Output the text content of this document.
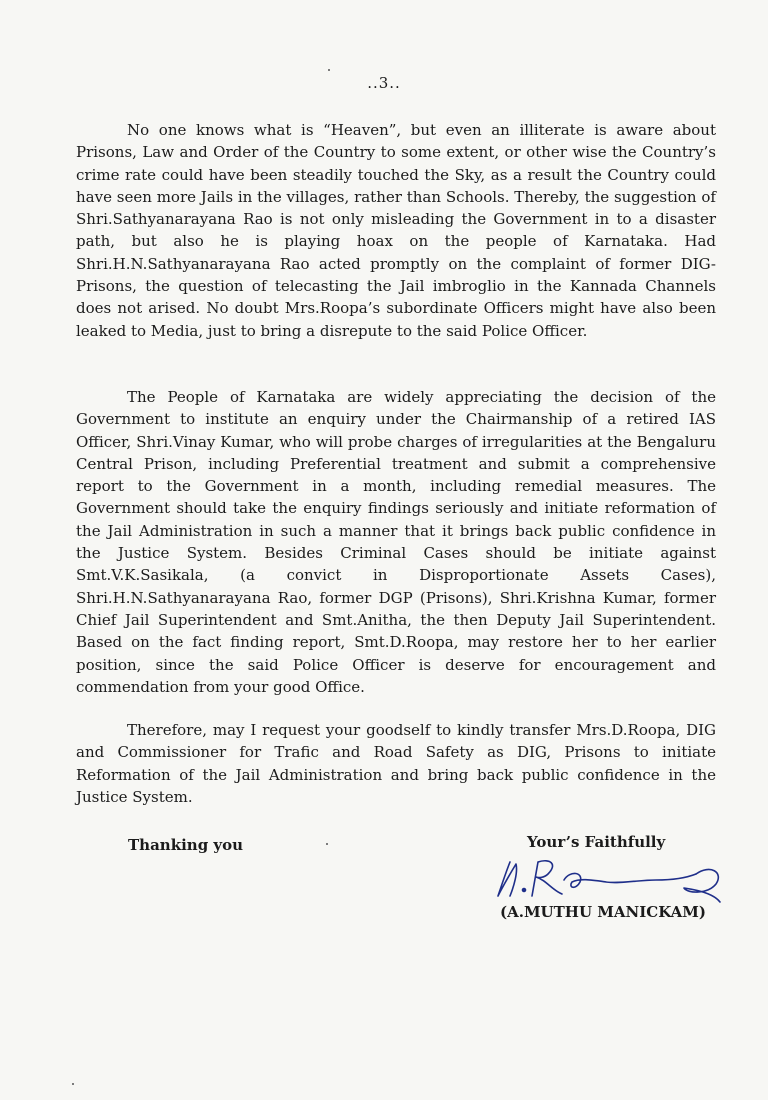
..3..

No one knows what is “Heaven”, but even an illiterate is aware about Prisons, Law and Order of the Country to some extent, or other wise the Country’s crime rate could have been steadily touched the Sky, as a result the Country could have seen more Jails in the villages, rather than Schools. Thereby, the suggestion of Shri.Sathyanarayana Rao is not only misleading the Government in to a disaster path, but also he is playing hoax on the people of Karnataka. Had Shri.H.N.Sathyanarayana Rao acted promptly on the complaint of former DIG-Prisons, the question of telecasting the Jail imbroglio in the Kannada Channels does not arised. No doubt Mrs.Roopa’s subordinate Officers might have also been leaked to Media, just to bring a disrepute to the said Police Officer.

The People of Karnataka are widely appreciating the decision of the Government to institute an enquiry under the Chairmanship of a retired IAS Officer, Shri.Vinay Kumar, who will probe charges of irregularities at the Bengaluru Central Prison, including Preferential treatment and submit a comprehensive report to the Government in a month, including remedial measures. The Government should take the enquiry findings seriously and initiate reformation of the Jail Administration in such a manner that it brings back public confidence in the Justice System. Besides Criminal Cases should be initiate against Smt.V.K.Sasikala, (a convict in Disproportionate Assets Cases), Shri.H.N.Sathyanarayana Rao, former DGP (Prisons), Shri.Krishna Kumar, former Chief Jail Superintendent and Smt.Anitha, the then Deputy Jail Superintendent. Based on the fact finding report, Smt.D.Roopa, may restore her to her earlier position, since the said Police Officer is deserve for encouragement and commendation from your good Office.

Therefore, may I request your goodself to kindly transfer Mrs.D.Roopa, DIG and Commissioner for Trafic and Road Safety as DIG, Prisons to initiate Reformation of the Jail Administration and bring back public confidence in the Justice System.

Thanking you	Your’s Faithfully
(A.MUTHU MANICKAM)
